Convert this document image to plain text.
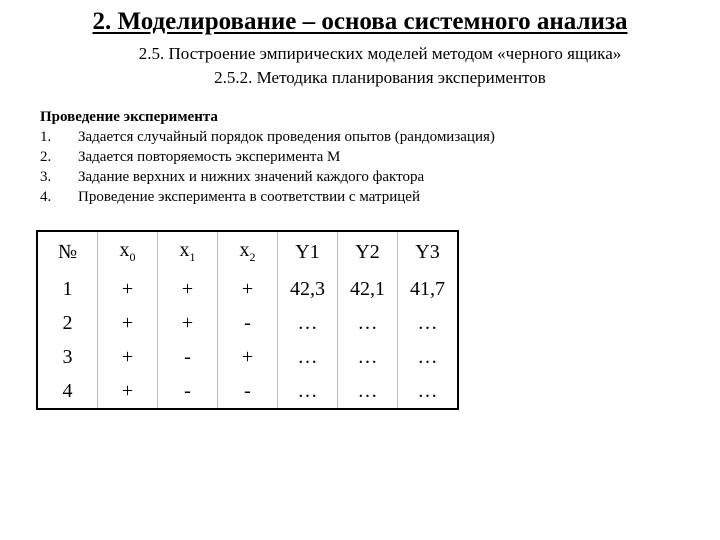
2. Моделирование – основа системного анализа
2.5. Построение эмпирических моделей методом «черного ящика»
2.5.2. Методика планирования экспериментов
Проведение эксперимента
1.	Задается случайный порядок проведения опытов (рандомизация)
2.	Задается повторяемость эксперимента М
3.	Задание верхних и нижних значений каждого фактора
4.	Проведение эксперимента в соответствии с матрицей
№	$x_0$	$x_1$	$x_2$	Y1	Y2	Y3
1	+	+	+	42,3	42,1	41,7
2	+	+	-	…	…	…
3	+	-	+	…	…	…
4	+	-	-	…	…	…
